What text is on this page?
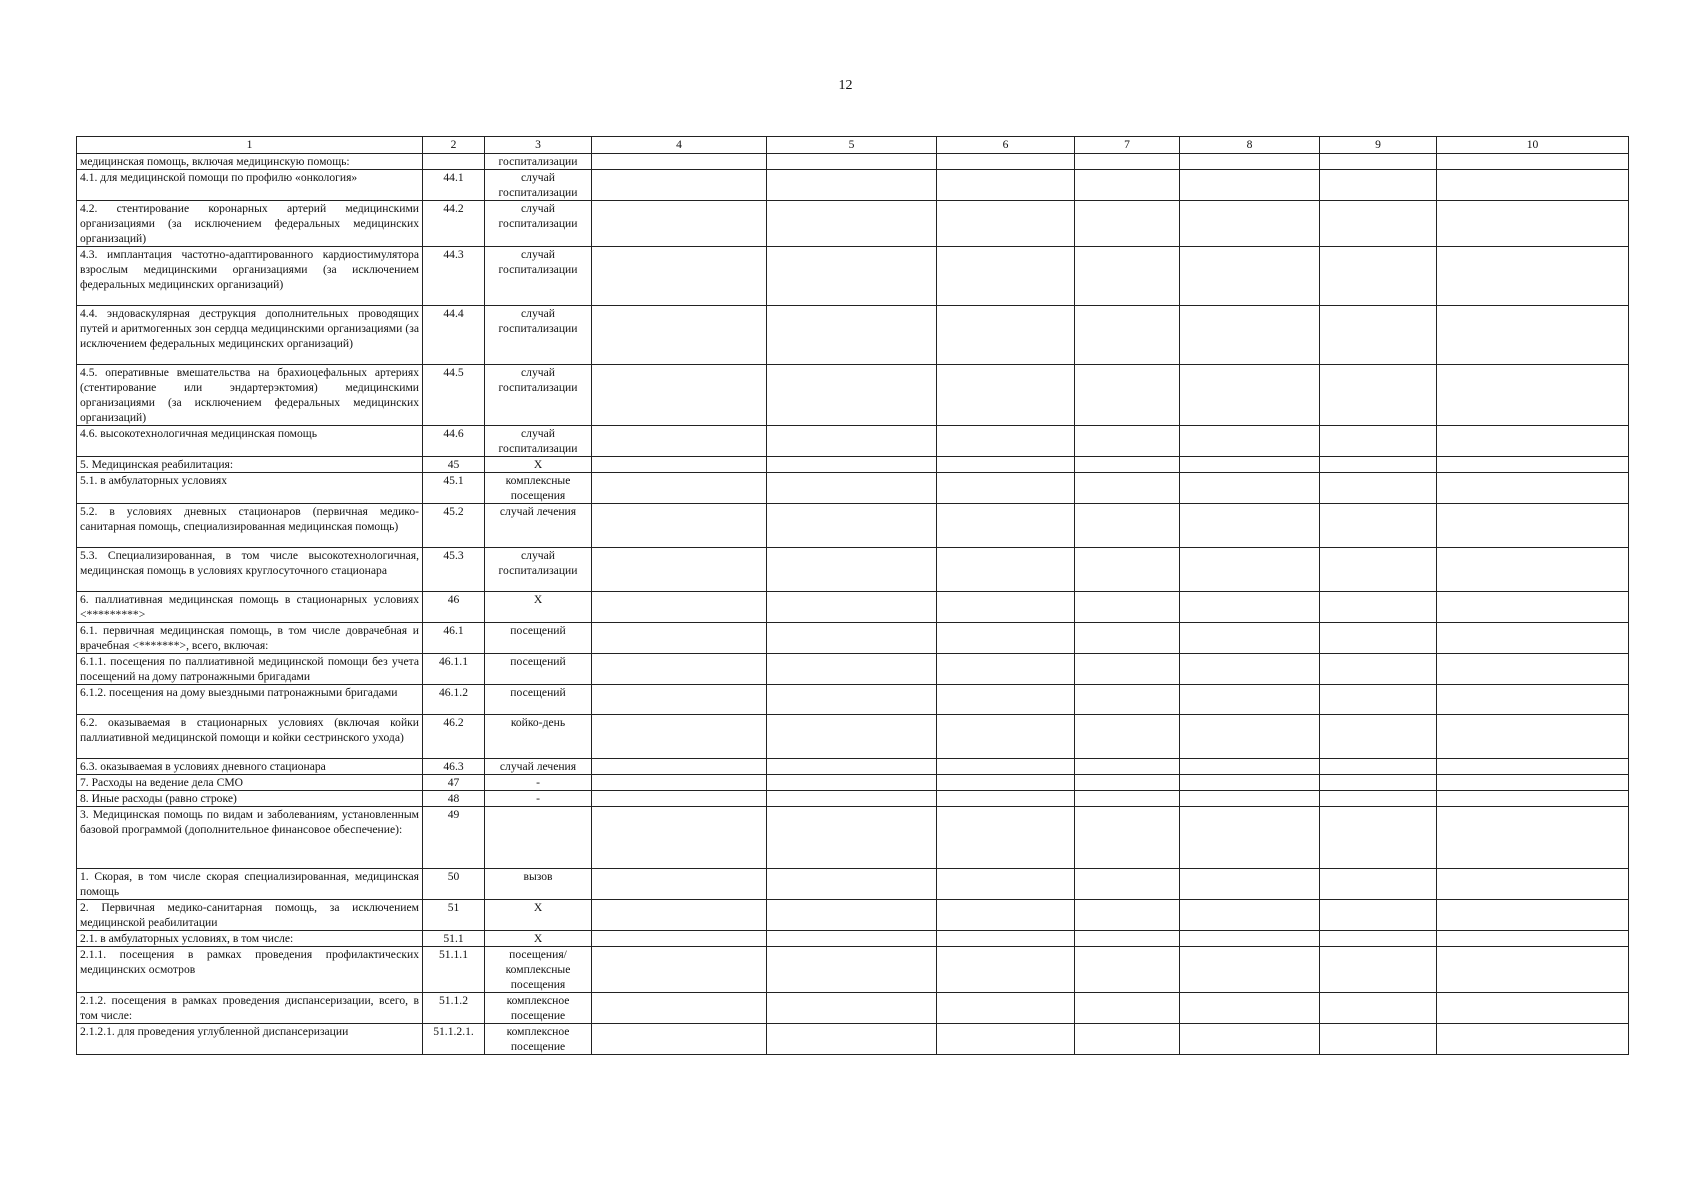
12
1	2	3	4	5	6	7	8	9	10
медицинская помощь, включая медицинскую помощь:		госпитализации							
4.1. для медицинской помощи по профилю «онкология»	44.1	случай госпитализации							
4.2. стентирование коронарных артерий медицинскими организациями (за исключением федеральных медицинских организаций)	44.2	случай госпитализации							
4.3. имплантация частотно-адаптированного кардиостимулятора взрослым медицинскими организациями (за исключением федеральных медицинских организаций)	44.3	случай госпитализации							
4.4. эндоваскулярная деструкция дополнительных проводящих путей и аритмогенных зон сердца медицинскими организациями (за исключением федеральных медицинских организаций)	44.4	случай госпитализации							
4.5. оперативные вмешательства на брахиоцефальных артериях (стентирование или эндартерэктомия) медицинскими организациями (за исключением федеральных медицинских организаций)	44.5	случай госпитализации							
4.6. высокотехнологичная медицинская помощь	44.6	случай госпитализации							
5. Медицинская реабилитация:	45	Х							
5.1. в амбулаторных условиях	45.1	комплексные посещения							
5.2. в условиях дневных стационаров (первичная медико-санитарная помощь, специализированная медицинская помощь)	45.2	случай лечения							
5.3. Специализированная, в том числе высокотехнологичная, медицинская помощь в условиях круглосуточного стационара	45.3	случай госпитализации							
6. паллиативная медицинская помощь в стационарных условиях <*********>	46	Х							
6.1. первичная медицинская помощь, в том числе доврачебная и врачебная <*******>, всего, включая:	46.1	посещений							
6.1.1. посещения по паллиативной медицинской помощи без учета посещений на дому патронажными бригадами	46.1.1	посещений							
6.1.2. посещения на дому выездными патронажными бригадами	46.1.2	посещений							
6.2. оказываемая в стационарных условиях (включая койки паллиативной медицинской помощи и койки сестринского ухода)	46.2	койко-день							
6.3. оказываемая в условиях дневного стационара	46.3	случай лечения							
7. Расходы на ведение дела СМО	47	-							
8. Иные расходы (равно строке)	48	-							
3. Медицинская помощь по видам и заболеваниям, установленным базовой программой (дополнительное финансовое обеспечение):	49								
1. Скорая, в том числе скорая специализированная, медицинская помощь	50	вызов							
2. Первичная медико-санитарная помощь, за исключением медицинской реабилитации	51	Х							
2.1. в амбулаторных условиях, в том числе:	51.1	Х							
2.1.1. посещения в рамках проведения профилактических медицинских осмотров	51.1.1	посещения/ комплексные посещения							
2.1.2. посещения в рамках проведения диспансеризации, всего, в том числе:	51.1.2	комплексное посещение							
2.1.2.1. для проведения углубленной диспансеризации	51.1.2.1.	комплексное посещение							
